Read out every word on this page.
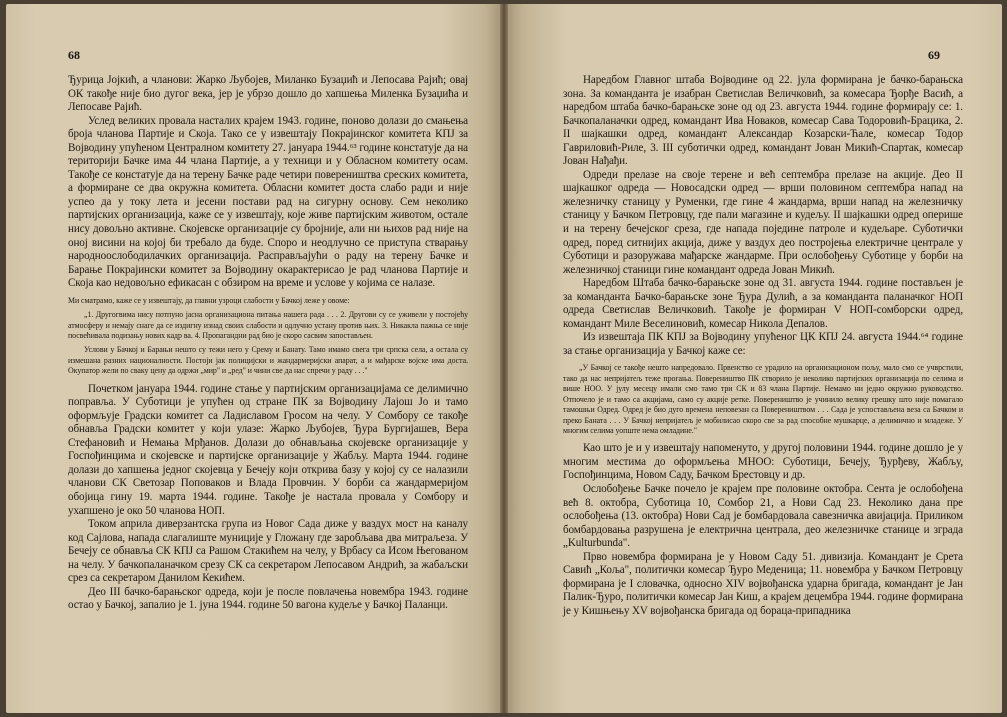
68

Ђурица Јојкић, а чланови: Жарко Љубојев, Миланко Бузаџић и Лепосава Рајић; овај ОК такође није био дугог века, јер је убрзо дошло до хапшења Миленка Бузаџића и Лепосаве Рајић.

Услед великих провала насталих крајем 1943. године, поново долази до смањења броја чланова Партије и Скоја. Тако се у извештају Покрајинског комитета КПЈ за Војводину упућеном Централном комитету 27. јануара 1944.⁶³ године констатује да на територији Бачке има 44 члана Партије, а у техници и у Обласном комитету осам. Такође се констатује да на терену Бачке раде четири повереништва среских комитета, а формиране се два окружна комитета. Обласни комитет доста слабо ради и није успео да у току лета и јесени постави рад на сигурну основу. Сем неколико партијских организација, каже се у извештају, које живе партијским животом, остале нису довољно активне. Скојевске организације су бројније, али ни њихов рад није на оној висини на којој би требало да буде. Споро и неодлучно се приступа стварању народноослободилачких организација. Расправљајући о раду на терену Бачке и Барање Покрајински комитет за Војводину окарактерисао је рад чланова Партије и Скоја као недовољно ефикасан с обзиром на време и услове у којима се налазе.

Ми сматрамо, каже се у извештају, да главни узроци слабости у Бачкој леже у овоме:

„1. Другогвима нису потпуно јасна организациона питања нашега рада . . . 2. Другови су се уживели у постојећу атмосферу и немају снаге да се издигну изнад своих слабости и одлучно устану против њих. 3. Никакла пажња се није посвећивала подизању нових кадр ва. 4. Пропагандни рад био је скоро сасвим запостављен.

Услови у Бачкој и Барањи нешто су тежи него у Срему и Банату. Тамо имамо свега три српска села, а остала су измешана разних националности. Постоји јак полицијски и жандармеријски апарат, а и мађарске војске има доста. Окупатор жели по сваку цену да одржи „мир" и „ред" и чини све да нас спречи у раду . . ."

Почетком јануара 1944. године стање у партијским организацијама се делимично поправља. У Суботици је упућен од стране ПК за Војводину Лајош Јо и тамо оформљује Градски комитет са Ладиславом Гросом на челу. У Сомбору се такође обнавља Градски комитет у који улазе: Жарко Љубојев, Ђура Бургијашев, Вера Стефановић и Немања Мрђанов. Долази до обнављања скојевске организације у Госпођинцима и скојевске и партијске организације у Жабљу. Марта 1944. године долази до хапшења једног скојевца у Бечеју који открива базу у којој су се налазили чланови СК Светозар Поповаков и Влада Провчин. У борби са жандармеријом обојица гину 19. марта 1944. године. Такође је настала провала у Сомбору и ухапшено је око 50 чланова НОП.

Током априла диверзантска група из Новог Сада диже у ваздух мост на каналу код Сајлова, напада слагалиште муниције у Гложану где заробљава два митраљеза. У Бечеју се обнавља СК КПЈ са Рашом Стакићем на челу, у Врбасу са Исом Његованом на челу. У бачкопаланачком срезу СК са секретаром Лепосавом Андрић, за жабаљски срез са секретаром Данилом Кекићем.

Део III бачко-барањског одреда, који је после повлачења новембра 1943. године остао у Бачкој, запалио је 1. јуна 1944. године 50 вагона кудеље у Бачкој Паланци.

69

Наредбом Главног штаба Војводине од 22. јула формирана је бачко-барањска зона. За команданта је изабран Светислав Величковић, за комесара Ђорђе Васић, а наредбом штаба бачко-барањске зоне од од 23. августа 1944. године формирају се: 1. Бачкопаланачки одред, командант Ива Новаков, комесар Сава Тодоровић-Брацика, 2. II шајкашки одред, командант Александар Козарски-Ћале, комесар Тодор Гавриловић-Риле, 3. III суботички одред, командант Јован Микић-Спартак, комесар Јован Нађађи.

Одреди прелазе на своје терене и већ септембра прелазе на акције. Део II шајкашког одреда — Новосадски одред — врши половином септембра напад на железничку станицу у Руменки, где гине 4 жандарма, врши напад на железничку станицу у Бачком Петровцу, где пали магазине и кудељу. II шајкашки одред оперише и на терену бечејског среза, где напада поједине патроле и кудељаре. Суботички одред, поред ситнијих акција, диже у ваздух део постројења електричне централе у Суботици и разоружава мађарске жандарме. При ослобођењу Суботице у борби на железничкој станици гине командант одреда Јован Микић.

Наредбом Штаба бачко-барањске зоне од 31. августа 1944. године постављен је за команданта Бачко-барањске зоне Ђура Дулић, а за команданта паланачког НОП одреда Светислав Величковић. Такође је формиран V НОП-сомборски одред, командант Миле Веселиновић, комесар Никола Депалов.

Из извештаја ПК КПЈ за Војводину упућеног ЦК КПЈ 24. августа 1944.⁶⁴ године за стање организација у Бачкој каже се:

„У Бачкој се такође нешто напредовало. Првенство се урадило на организационом пољу, мало смо се учврстили, тако да нас непријатељ теже прогања. Повереништво ПК створило је неколико партијских организација по селима и више НОО. У јулу месецу имали смо тамо три СК и 83 члана Партије. Немамо ни једно окружно руководство. Отпочело је и тамо са акцијама, само су акције ретке. Повереништво је учинило велику грешку што није помагало тамошњи Одред. Одред је био дуго времена неповезан са Повереништвом . . . Сада је успостављена веза са Бачком и преко Баната . . . У Бачкој непријатељ је мобилисао скоро све за рад способне мушкарце, а делимично и младеже. У многим селима уопште нема омладине."

Као што је и у извештају напоменуто, у другој половини 1944. године дошло је у многим местима до оформљења МНОО: Суботици, Бечеју, Ђурђеву, Жабљу, Госпођинцима, Новом Саду, Бачком Брестовцу и др.

Ослобођење Бачке почело је крајем пре половине октобра. Сента је ослобођена већ 8. октобра, Суботица 10, Сомбор 21, а Нови Сад 23. Неколико дана пре ослобођења (13. октобра) Нови Сад је бомбардовала савезничка авијација. Приликом бомбардовања разрушена је електрична централа, део железничке станице и зграда „Kulturbunda".

Прво новембра формирана је у Новом Саду 51. дивизија. Командант је Срета Савић „Коља", политички комесар Ђуро Меденица; 11. новембра у Бачком Петровцу формирана је I словачка, односно XIV војвођанска ударна бригада, командант је Јан Палик-Ђуро, политички комесар Јан Киш, а крајем децембра 1944. године формирана је у Кишњењу XV војвођанска бригада од бораца-припадника
